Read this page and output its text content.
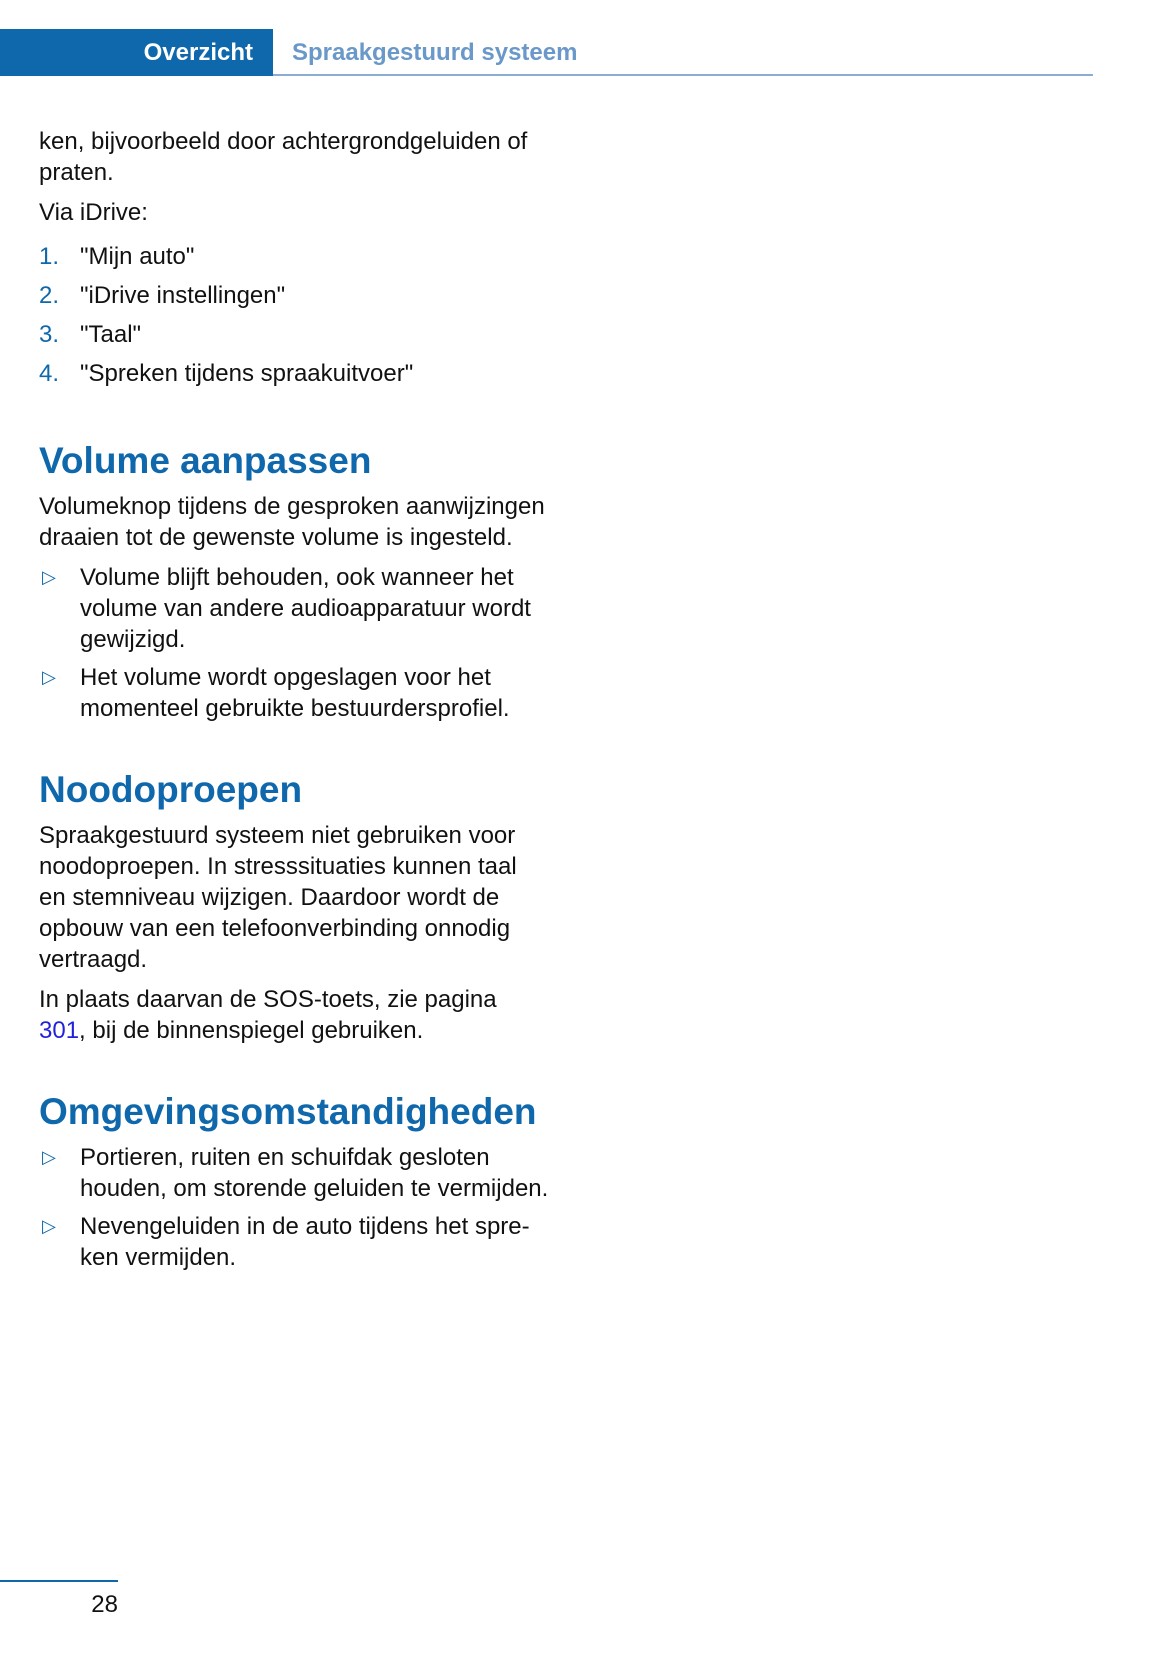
Overzicht	Spraakgestuurd systeem

ken, bijvoorbeeld door achtergrondgeluiden of praten.

Via iDrive:

1. "Mijn auto"
2. "iDrive instellingen"
3. "Taal"
4. "Spreken tijdens spraakuitvoer"
Volume aanpassen

Volumeknop tijdens de gesproken aanwijzingen draaien tot de gewenste volume is ingesteld.

▷ Volume blijft behouden, ook wanneer het volume van andere audioapparatuur wordt gewijzigd.
▷ Het volume wordt opgeslagen voor het momenteel gebruikte bestuurdersprofiel.
Noodoproepen

Spraakgestuurd systeem niet gebruiken voor noodoproepen. In stresssituaties kunnen taal en stemniveau wijzigen. Daardoor wordt de opbouw van een telefoonverbinding onnodig vertraagd.

In plaats daarvan de SOS-toets, zie pagina 301, bij de binnenspiegel gebruiken.

Omgevingsomstandigheden
▷ Portieren, ruiten en schuifdak gesloten houden, om storende geluiden te vermijden.
▷ Nevengeluiden in de auto tijdens het spreken vermijden.
28
